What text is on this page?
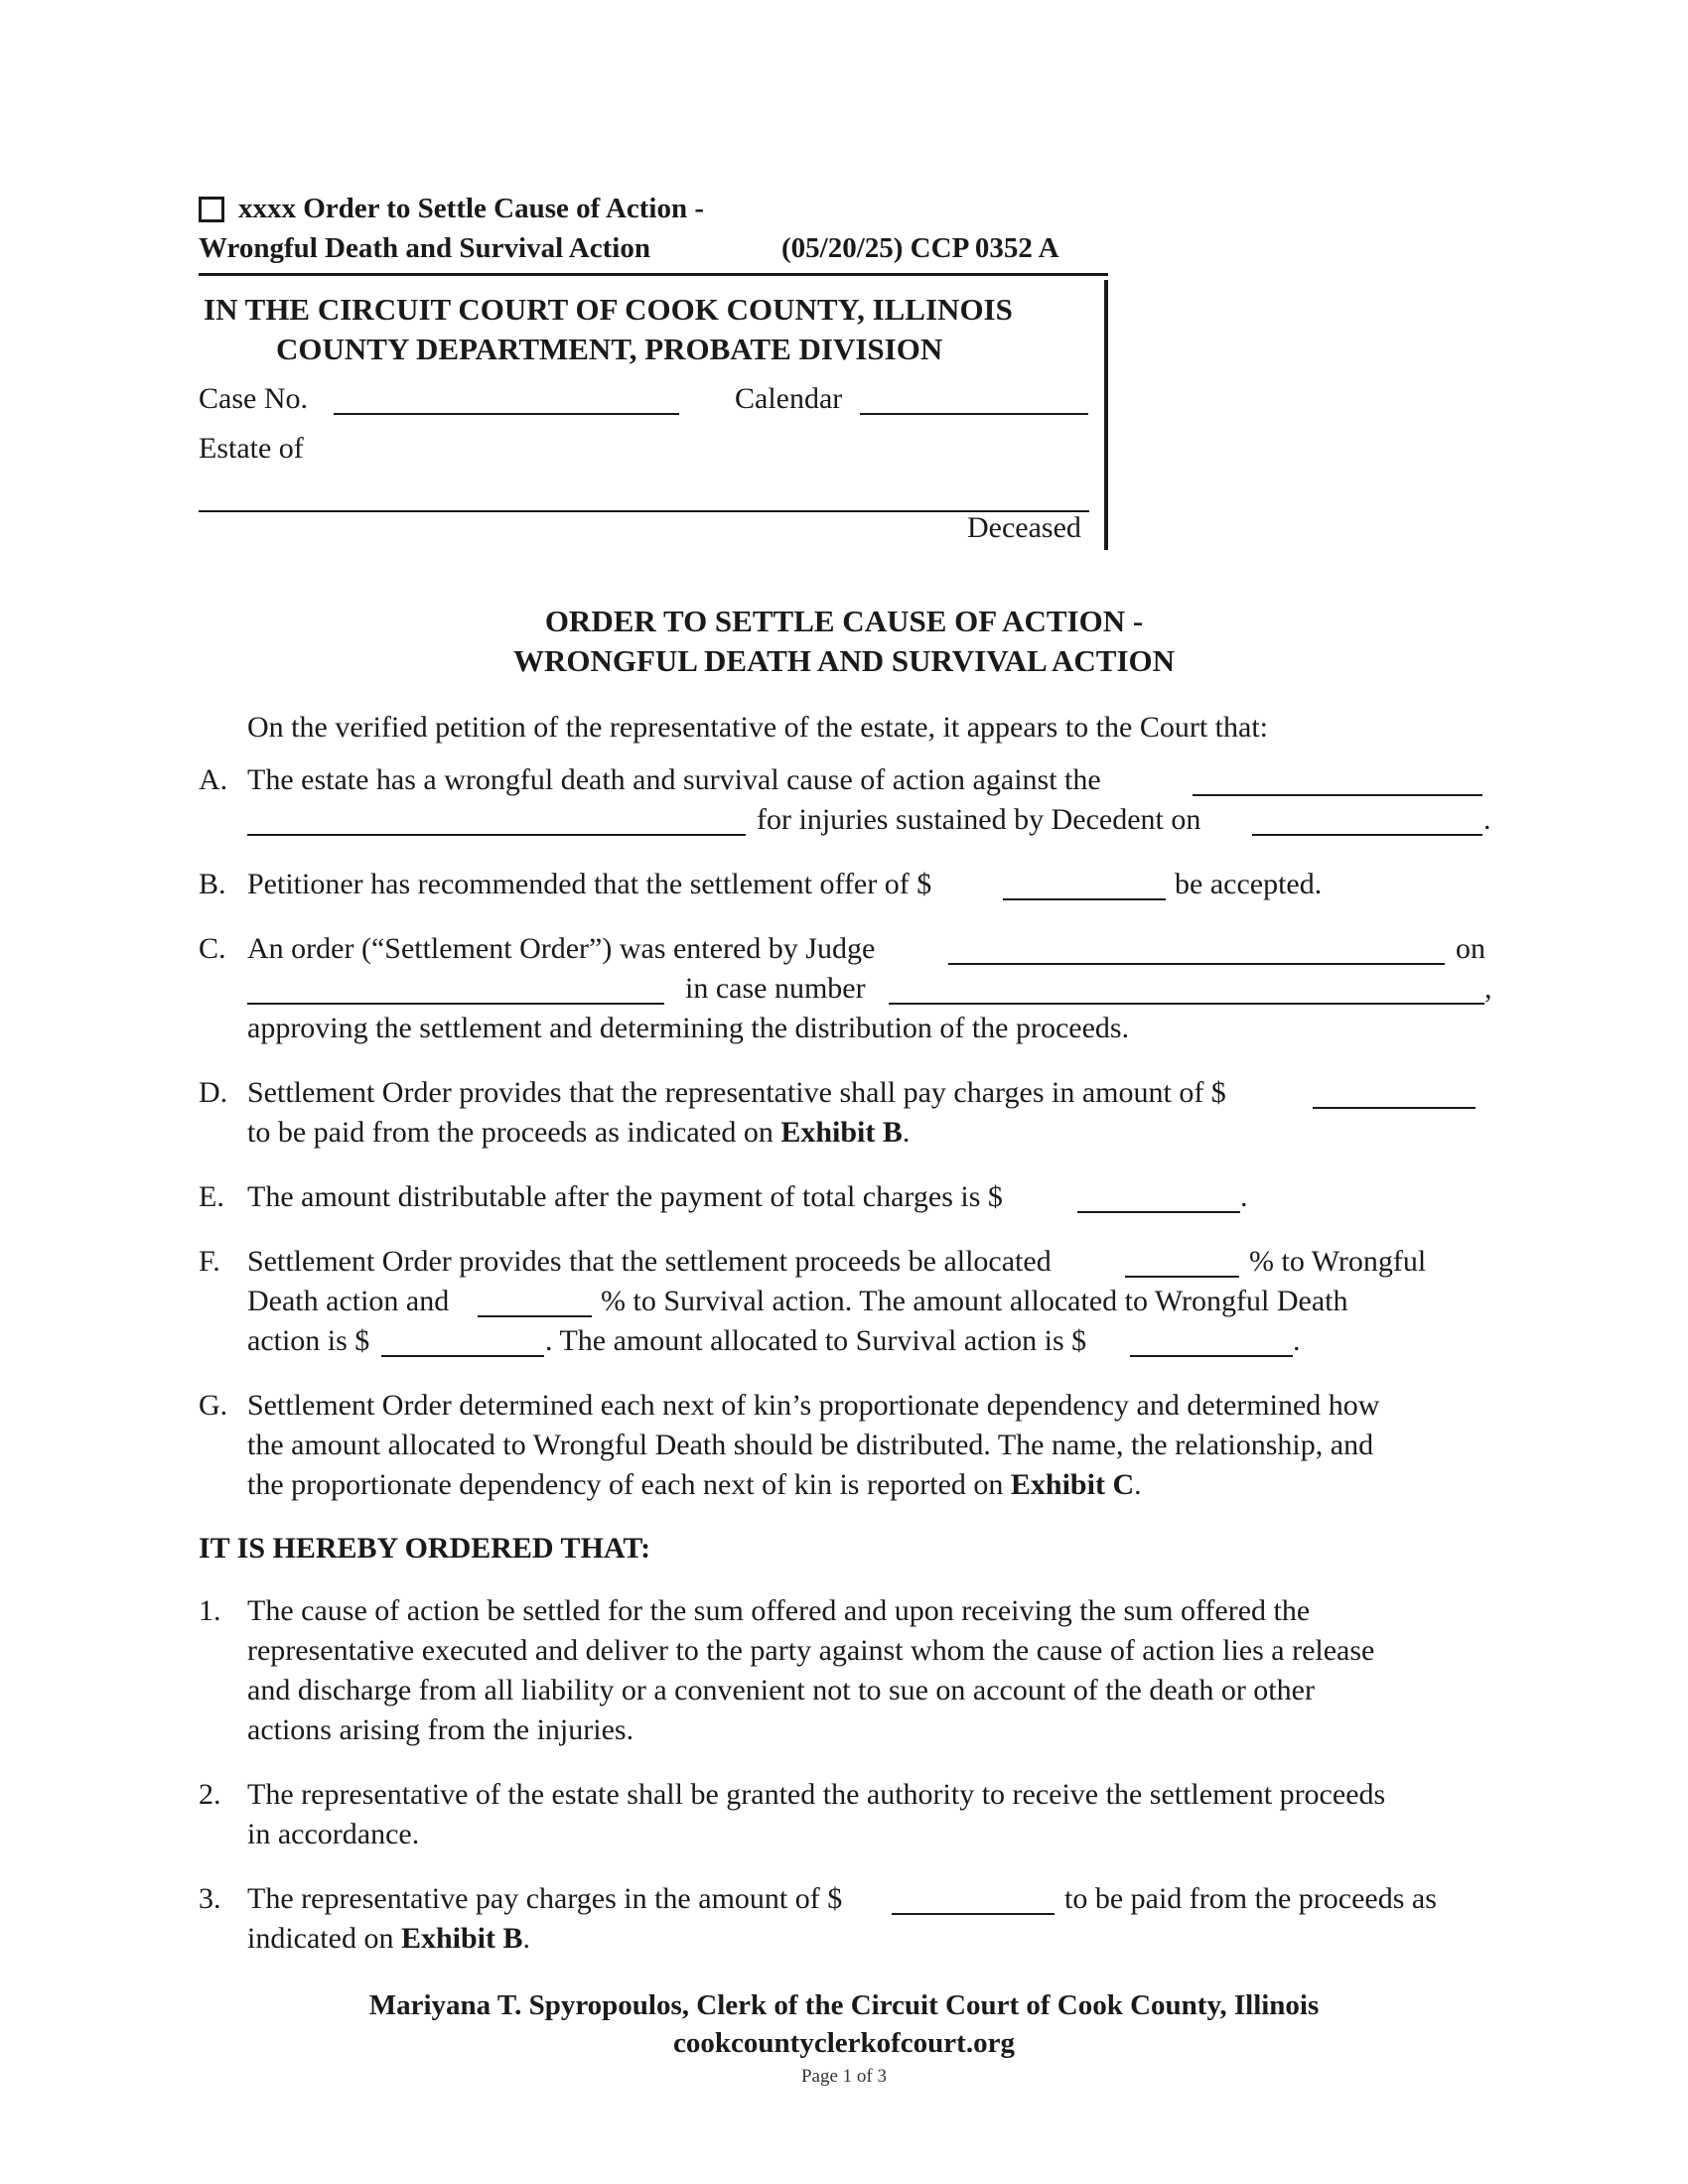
xxxx Order to Settle Cause of Action -
Wrongful Death and Survival Action	(05/20/25) CCP 0352 A
IN THE CIRCUIT COURT OF COOK COUNTY, ILLINOIS
COUNTY DEPARTMENT, PROBATE DIVISION
Case No.	Calendar
Estate of
Deceased
ORDER TO SETTLE CAUSE OF ACTION -
WRONGFUL DEATH AND SURVIVAL ACTION
On the verified petition of the representative of the estate, it appears to the Court that:
A. The estate has a wrongful death and survival cause of action against the
for injuries sustained by Decedent on	.
B. Petitioner has recommended that the settlement offer of $	be accepted.
C. An order (“Settlement Order”) was entered by Judge	on
in case number	,
approving the settlement and determining the distribution of the proceeds.
D. Settlement Order provides that the representative shall pay charges in amount of $
to be paid from the proceeds as indicated on Exhibit B.
E. The amount distributable after the payment of total charges is $	.
F. Settlement Order provides that the settlement proceeds be allocated	% to Wrongful
Death action and	% to Survival action. The amount allocated to Wrongful Death
action is $	. The amount allocated to Survival action is $	.
G. Settlement Order determined each next of kin’s proportionate dependency and determined how
the amount allocated to Wrongful Death should be distributed. The name, the relationship, and
the proportionate dependency of each next of kin is reported on Exhibit C.
IT IS HEREBY ORDERED THAT:
1. The cause of action be settled for the sum offered and upon receiving the sum offered the
representative executed and deliver to the party against whom the cause of action lies a release
and discharge from all liability or a convenient not to sue on account of the death or other
actions arising from the injuries.
2. The representative of the estate shall be granted the authority to receive the settlement proceeds
in accordance.
3. The representative pay charges in the amount of $	to be paid from the proceeds as
indicated on Exhibit B.
Mariyana T. Spyropoulos, Clerk of the Circuit Court of Cook County, Illinois
cookcountyclerkofcourt.org
Page 1 of 3
